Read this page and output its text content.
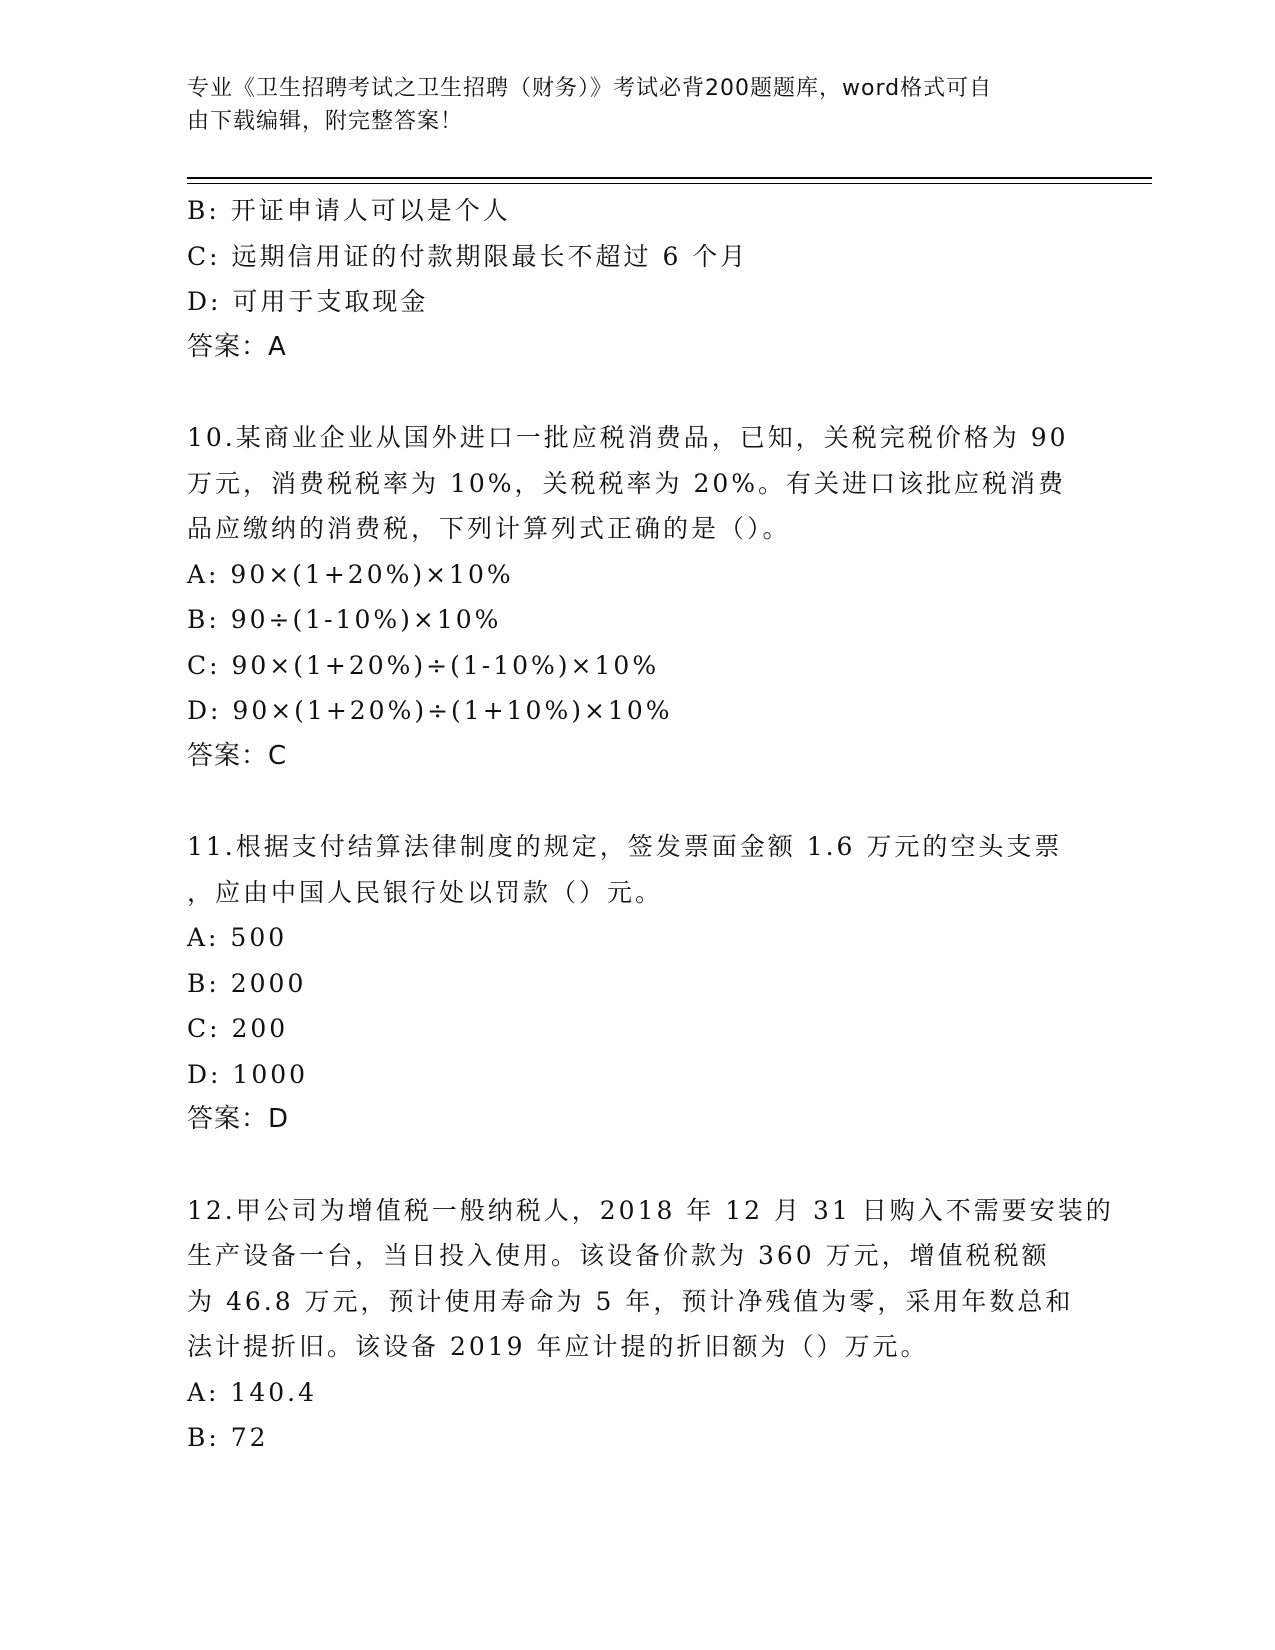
专业《卫生招聘考试之卫生招聘（财务）》考试必背200题题库，word格式可自
由下载编辑，附完整答案！
B: 开证申请人可以是个人
C: 远期信用证的付款期限最长不超过 6 个月
D: 可用于支取现金
答案：A
10.某商业企业从国外进口一批应税消费品，已知，关税完税价格为 90
万元，消费税税率为 10%，关税税率为 20%。有关进口该批应税消费
品应缴纳的消费税，下列计算列式正确的是（）。
A: 90×(1+20%)×10%
B: 90÷(1-10%)×10%
C: 90×(1+20%)÷(1-10%)×10%
D: 90×(1+20%)÷(1+10%)×10%
答案：C
11.根据支付结算法律制度的规定，签发票面金额 1.6 万元的空头支票
，应由中国人民银行处以罚款（）元。
A: 500
B: 2000
C: 200
D: 1000
答案：D
12.甲公司为增值税一般纳税人，2018 年 12 月 31 日购入不需要安装的
生产设备一台，当日投入使用。该设备价款为 360 万元，增值税税额
为 46.8 万元，预计使用寿命为 5 年，预计净残值为零，采用年数总和
法计提折旧。该设备 2019 年应计提的折旧额为（）万元。
A: 140.4
B: 72
